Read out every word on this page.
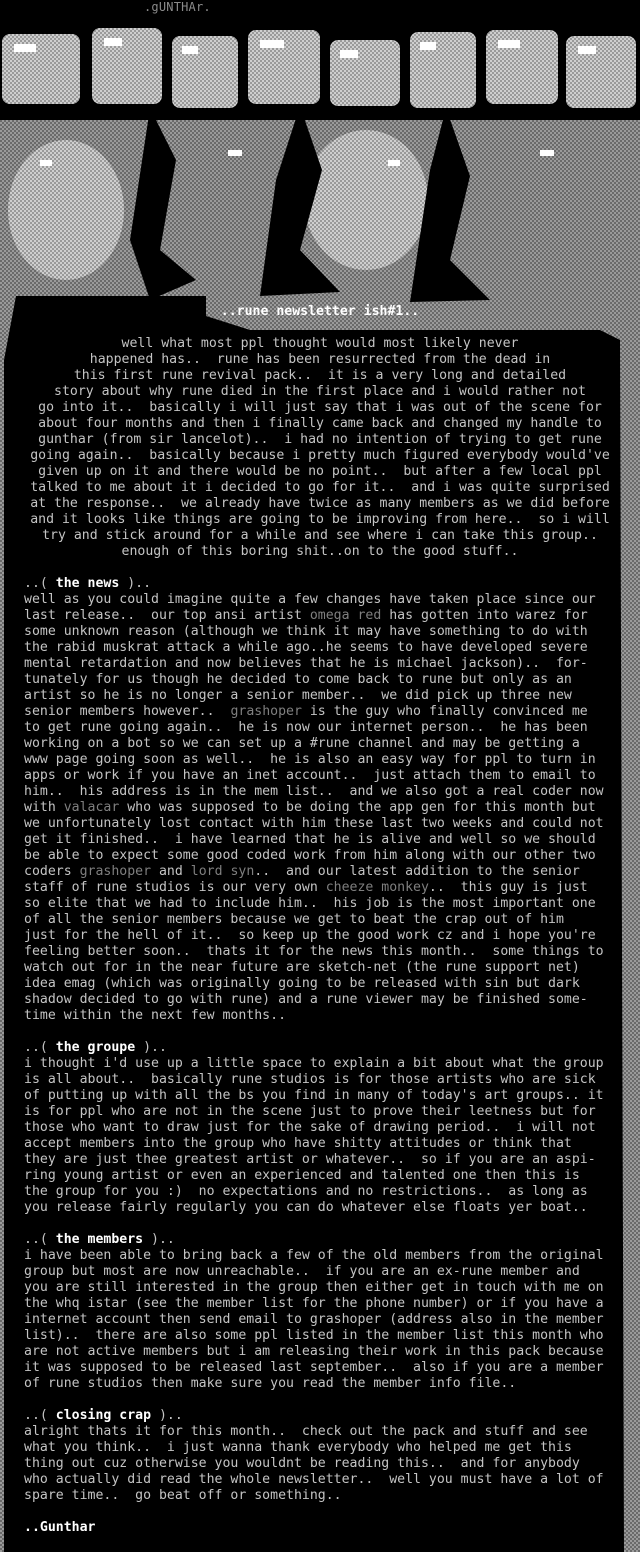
.gUNTHAr.
..rune newsletter ish#1..
well what most ppl thought would most likely never
happened has..  rune has been resurrected from the dead in
this first rune revival pack..  it is a very long and detailed
story about why rune died in the first place and i would rather not
go into it..  basically i will just say that i was out of the scene for
about four months and then i finally came back and changed my handle to
gunthar (from sir lancelot)..  i had no intention of trying to get rune
going again..  basically because i pretty much figured everybody would've
given up on it and there would be no point..  but after a few local ppl
talked to me about it i decided to go for it..  and i was quite surprised
at the response..  we already have twice as many members as we did before
and it looks like things are going to be improving from here..  so i will
try and stick around for a while and see where i can take this group..
enough of this boring shit..on to the good stuff..
..( the news )..
well as you could imagine quite a few changes have taken place since our
last release..  our top ansi artist omega red has gotten into warez for
some unknown reason (although we think it may have something to do with
the rabid muskrat attack a while ago..he seems to have developed severe
mental retardation and now believes that he is michael jackson)..  for-
tunately for us though he decided to come back to rune but only as an
artist so he is no longer a senior member..  we did pick up three new
senior members however..  grashoper is the guy who finally convinced me
to get rune going again..  he is now our internet person..  he has been
working on a bot so we can set up a #rune channel and may be getting a
www page going soon as well..  he is also an easy way for ppl to turn in
apps or work if you have an inet account..  just attach them to email to
him..  his address is in the mem list..  and we also got a real coder now
with valacar who was supposed to be doing the app gen for this month but
we unfortunately lost contact with him these last two weeks and could not
get it finished..  i have learned that he is alive and well so we should
be able to expect some good coded work from him along with our other two
coders grashoper and lord syn..  and our latest addition to the senior
staff of rune studios is our very own cheeze monkey..  this guy is just
so elite that we had to include him..  his job is the most important one
of all the senior members because we get to beat the crap out of him
just for the hell of it..  so keep up the good work cz and i hope you're
feeling better soon..  thats it for the news this month..  some things to
watch out for in the near future are sketch-net (the rune support net)
idea emag (which was originally going to be released with sin but dark
shadow decided to go with rune) and a rune viewer may be finished some-
time within the next few months..
..( the groupe )..
i thought i'd use up a little space to explain a bit about what the group
is all about..  basically rune studios is for those artists who are sick
of putting up with all the bs you find in many of today's art groups.. it
is for ppl who are not in the scene just to prove their leetness but for
those who want to draw just for the sake of drawing period..  i will not
accept members into the group who have shitty attitudes or think that
they are just thee greatest artist or whatever..  so if you are an aspi-
ring young artist or even an experienced and talented one then this is
the group for you :)  no expectations and no restrictions..  as long as
you release fairly regularly you can do whatever else floats yer boat..
..( the members )..
i have been able to bring back a few of the old members from the original
group but most are now unreachable..  if you are an ex-rune member and
you are still interested in the group then either get in touch with me on
the whq istar (see the member list for the phone number) or if you have a
internet account then send email to grashoper (address also in the member
list)..  there are also some ppl listed in the member list this month who
are not active members but i am releasing their work in this pack because
it was supposed to be released last september..  also if you are a member
of rune studios then make sure you read the member info file..
..( closing crap )..
alright thats it for this month..  check out the pack and stuff and see
what you think..  i just wanna thank everybody who helped me get this
thing out cuz otherwise you wouldnt be reading this..  and for anybody
who actually did read the whole newsletter..  well you must have a lot of
spare time..  go beat off or something..
..Gunthar
